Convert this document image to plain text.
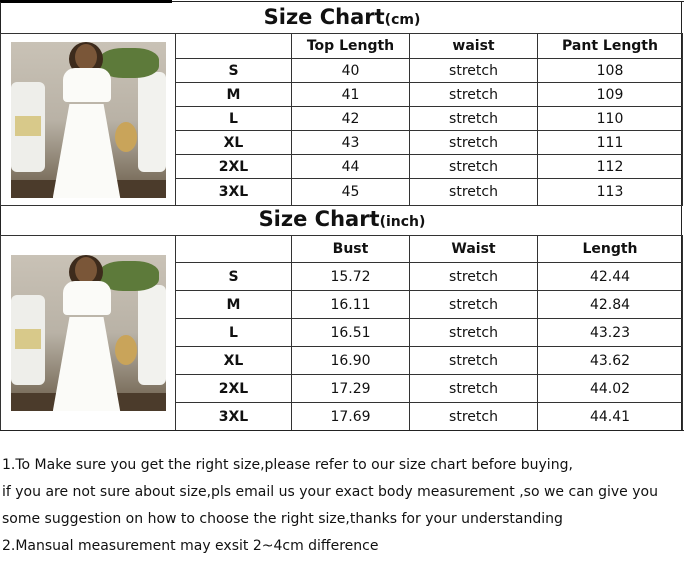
Size Chart(cm)
		Top Length	waist	Pant Length
	S	40	stretch	108
	M	41	stretch	109
	L	42	stretch	110
	XL	43	stretch	111
	2XL	44	stretch	112
	3XL	45	stretch	113
Size Chart(inch)
		Bust	Waist	Length
	S	15.72	stretch	42.44
	M	16.11	stretch	42.84
	L	16.51	stretch	43.23
	XL	16.90	stretch	43.62
	2XL	17.29	stretch	44.02
	3XL	17.69	stretch	44.41

1.To Make sure you get the right size,please refer to our size chart before buying,

if you are not sure about size,pls email us your exact body measurement ,so we can give you

some suggestion on how to choose the right size,thanks for your understanding

2.Mansual measurement may exsit 2~4cm difference
